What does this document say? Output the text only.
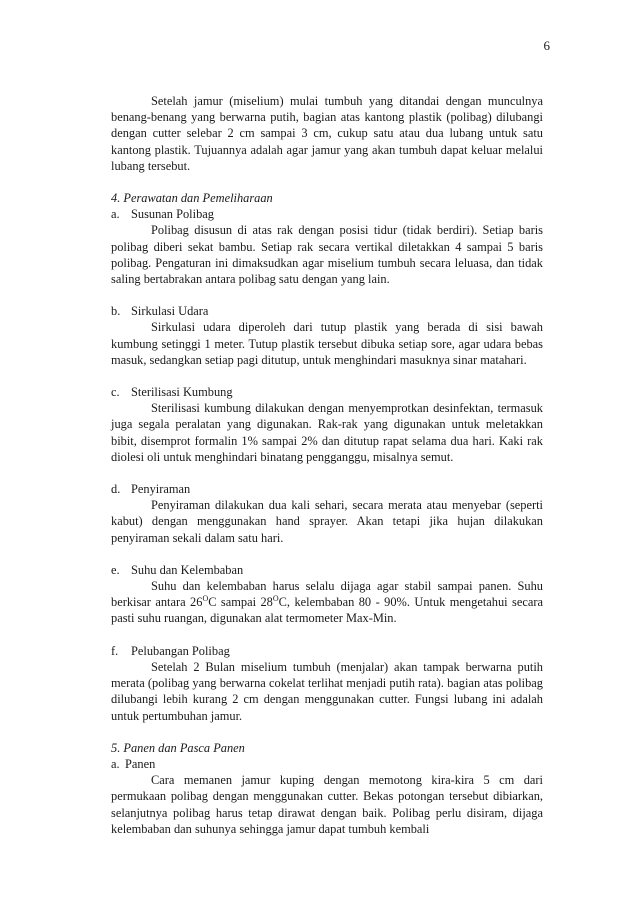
6

Setelah jamur (miselium) mulai tumbuh yang ditandai dengan munculnya benang-benang yang berwarna putih, bagian atas kantong plastik (polibag) dilubangi dengan cutter selebar 2 cm sampai 3 cm, cukup satu atau dua lubang untuk satu kantong plastik. Tujuannya adalah agar jamur yang akan tumbuh dapat keluar melalui lubang tersebut.

4. Perawatan dan Pemeliharaan

a. Susunan Polibag

Polibag disusun di atas rak dengan posisi tidur (tidak berdiri). Setiap baris polibag diberi sekat bambu. Setiap rak secara vertikal diletakkan 4 sampai 5 baris polibag. Pengaturan ini dimaksudkan agar miselium tumbuh secara leluasa, dan tidak saling bertabrakan antara polibag satu dengan yang lain.

b. Sirkulasi Udara

Sirkulasi udara diperoleh dari tutup plastik yang berada di sisi bawah kumbung setinggi 1 meter. Tutup plastik tersebut dibuka setiap sore, agar udara bebas masuk, sedangkan setiap pagi ditutup, untuk menghindari masuknya sinar matahari.

c. Sterilisasi Kumbung

Sterilisasi kumbung dilakukan dengan menyemprotkan desinfektan, termasuk juga segala peralatan yang digunakan. Rak-rak yang digunakan untuk meletakkan bibit, disemprot formalin 1% sampai 2% dan ditutup rapat selama dua hari. Kaki rak diolesi oli untuk menghindari binatang pengganggu, misalnya semut.

d. Penyiraman

Penyiraman dilakukan dua kali sehari, secara merata atau menyebar (seperti kabut) dengan menggunakan hand sprayer. Akan tetapi jika hujan dilakukan penyiraman sekali dalam satu hari.

e. Suhu dan Kelembaban

Suhu dan kelembaban harus selalu dijaga agar stabil sampai panen. Suhu berkisar antara $26^OC$ sampai $28^OC$, kelembaban 80 - 90%. Untuk mengetahui secara pasti suhu ruangan, digunakan alat termometer Max-Min.

f.	Pelubangan Polibag

Setelah 2 Bulan miselium tumbuh (menjalar) akan tampak berwarna putih merata (polibag yang berwarna cokelat terlihat menjadi putih rata). bagian atas polibag dilubangi lebih kurang 2 cm dengan menggunakan cutter. Fungsi lubang ini adalah untuk pertumbuhan jamur.

5. Panen dan Pasca Panen

a. Panen

Cara memanen jamur kuping dengan memotong kira-kira 5 cm dari permukaan polibag dengan menggunakan cutter. Bekas potongan tersebut dibiarkan, selanjutnya polibag harus tetap dirawat dengan baik. Polibag perlu disiram, dijaga kelembaban dan suhunya sehingga jamur dapat tumbuh kembali
